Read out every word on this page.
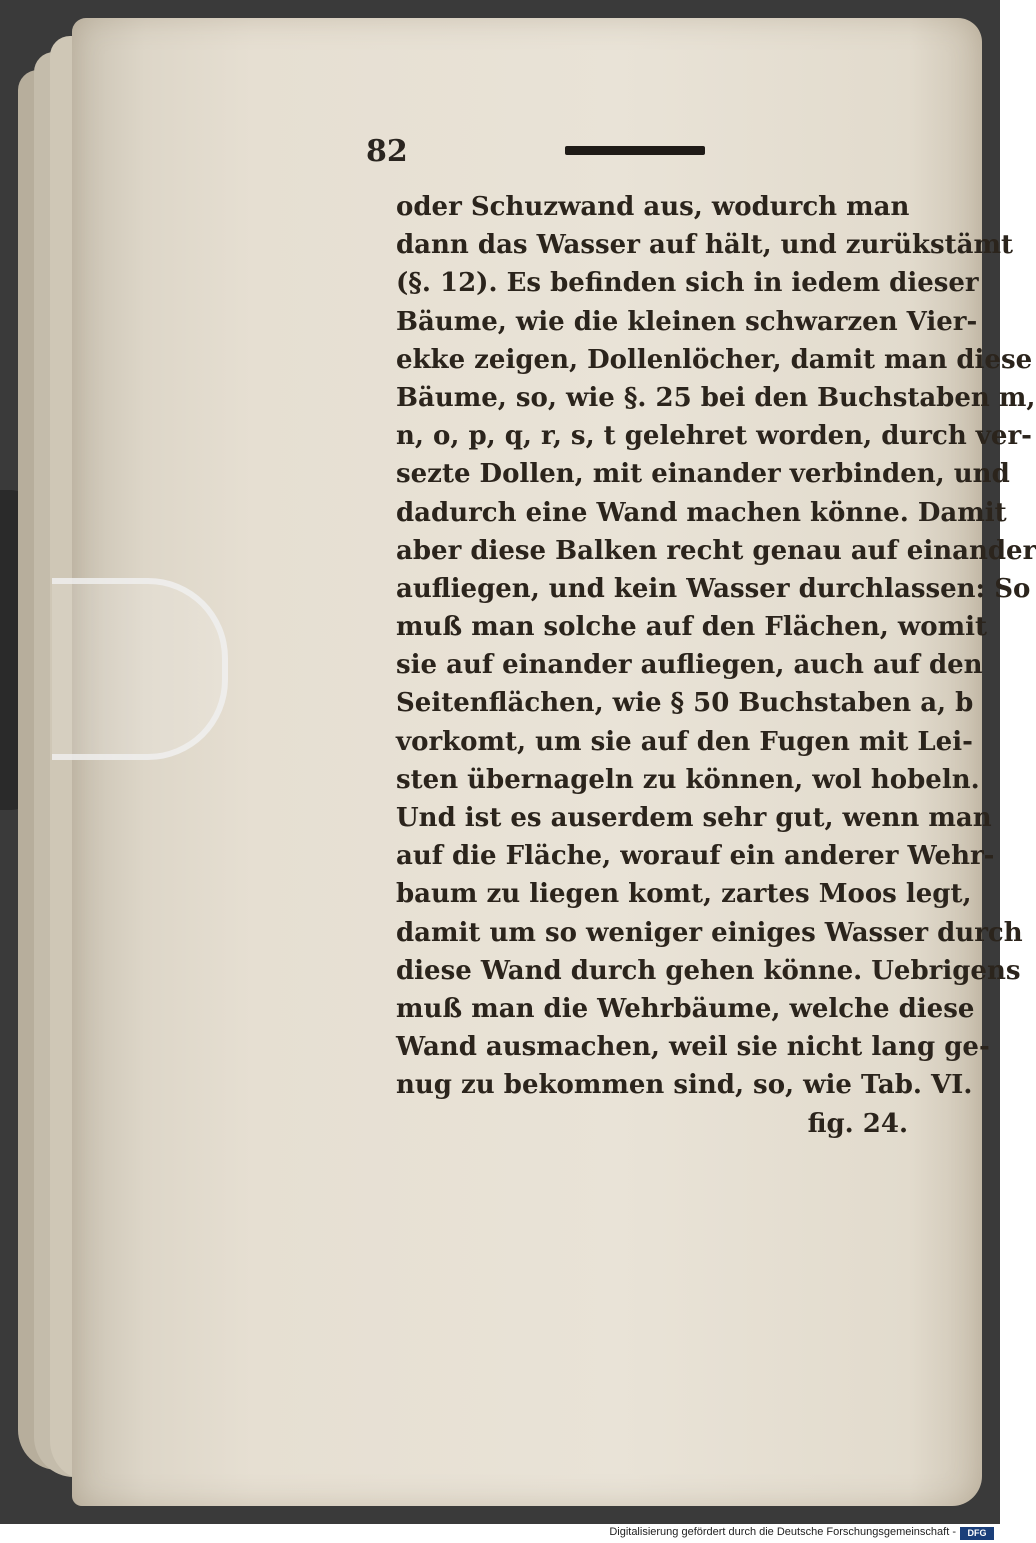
82
oder Schuzwand aus, wodurch man
dann das Wasser auf hält, und zurükstämt
(§. 12). Es befinden sich in iedem dieser
Bäume, wie die kleinen schwarzen Vier-
ekke zeigen, Dollenlöcher, damit man diese
Bäume, so, wie §. 25 bei den Buchstaben m,
n, o, p, q, r, s, t gelehret worden, durch ver-
sezte Dollen, mit einander verbinden, und
dadurch eine Wand machen könne. Damit
aber diese Balken recht genau auf einander
aufliegen, und kein Wasser durchlassen: So
muß man solche auf den Flächen, womit
sie auf einander aufliegen, auch auf den
Seitenflächen, wie § 50 Buchstaben a, b
vorkomt, um sie auf den Fugen mit Lei-
sten übernageln zu können, wol hobeln.
Und ist es auserdem sehr gut, wenn man
auf die Fläche, worauf ein anderer Wehr-
baum zu liegen komt, zartes Moos legt,
damit um so weniger einiges Wasser durch
diese Wand durch gehen könne. Uebrigens
muß man die Wehrbäume, welche diese
Wand ausmachen, weil sie nicht lang ge-
nug zu bekommen sind, so, wie Tab. VI.
fig. 24.
Digitalisierung gefördert durch die Deutsche Forschungsgemeinschaft -	DFG
